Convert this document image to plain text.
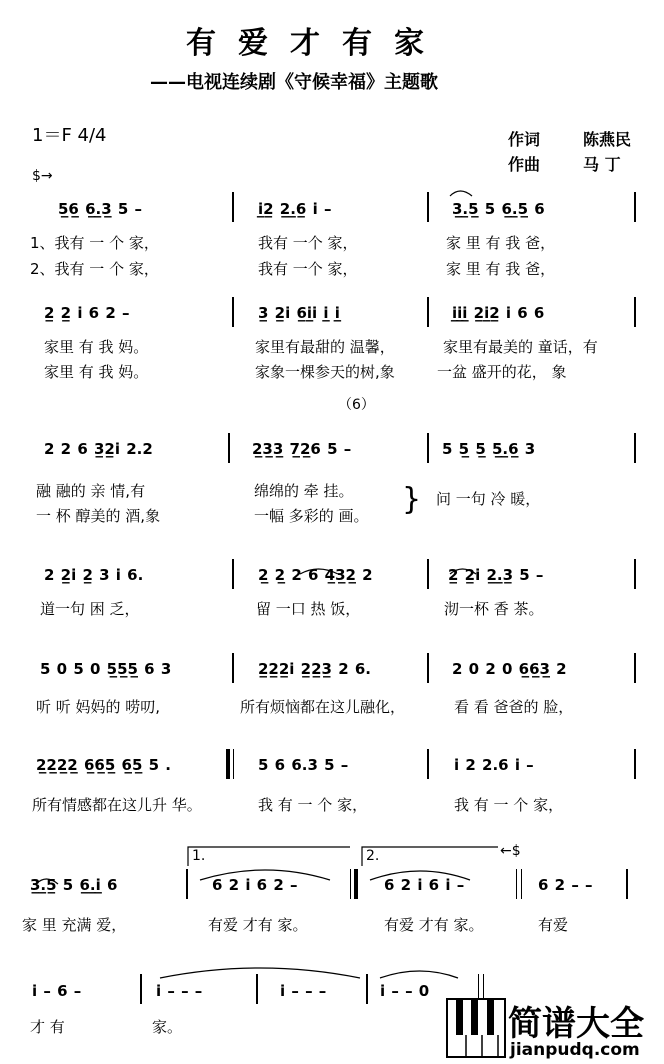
有爱才有家
——电视连续剧《守候幸福》主题歌
1＝F 4/4	作词	陈燕民
作曲	马 丁
$→
5̲6̲ 6̲.̲3̲ 5 –	i̲2̲ 2̲.̲6̲ i –	3̲.̲5̲ 5 6̲.̲5̲ 6
1、我有 一 个 家，	我有 一个 家，	家 里 有 我 爸，
2、我有 一 个 家，	我有 一个 家，	家 里 有 我 爸，
2̲ 2̲ i 6 2 –	3̲ 2̲i 6̲i̲i i̲ i̲	i̲i̲i̲ 2̲i̲2̲ i 6 6
家里 有 我 妈。	家里有最甜的 温馨，	家里有最美的 童话，有
家里 有 我 妈。	家象一棵参天的树,象	一盆 盛开的花， 象
（6）
2 2 6 3̲2̲i 2.2	2̲3̲3̲ 7̲2̲6 5 –	5 5̲ 5̲ 5̲.̲6̲ 3
融 融的 亲 情,有	绵绵的 牵 挂。	问 一句 冷 暖，
一 杯 醇美的 酒,象	一幅 多彩的 画。 }
2 2̲i 2̲ 3 i 6.	2̲ 2̲ 2 6 4̲3̲2̲ 2	2̲ 2̲i 2̲.̲3̲ 5 –
道一句 困 乏，	留 一口 热 饭，	沏一杯 香 茶。
5 0 5 0 5̲5̲5̲ 6 3	2̲2̲2̲i 2̲2̲3̲ 2 6.	2 0 2 0 6̲6̲3̲ 2
听 听 妈妈的 唠叨,	所有烦恼都在这儿融化，	看 看 爸爸的 脸，
2̲2̲2̲2̲ 6̲6̲5̲ 6̲5̲ 5 .	5 6 6.3 5 –	i 2 2.6 i –
所有情感都在这儿升 华。	我 有 一 个 家，	我 有 一 个 家，
1.	2.	←$
3̲.̲5̲ 5 6̲.̲i̲ 6	6 2 i 6 2 –	6 2 i 6 i –	6 2 – –
家 里 充满 爱，	有爱 才有 家。	有爱 才有 家。	有爱
i – 6 –	i – – –	i – – –	i – – 0
才 有	家。	简谱大全
jianpudq.com
